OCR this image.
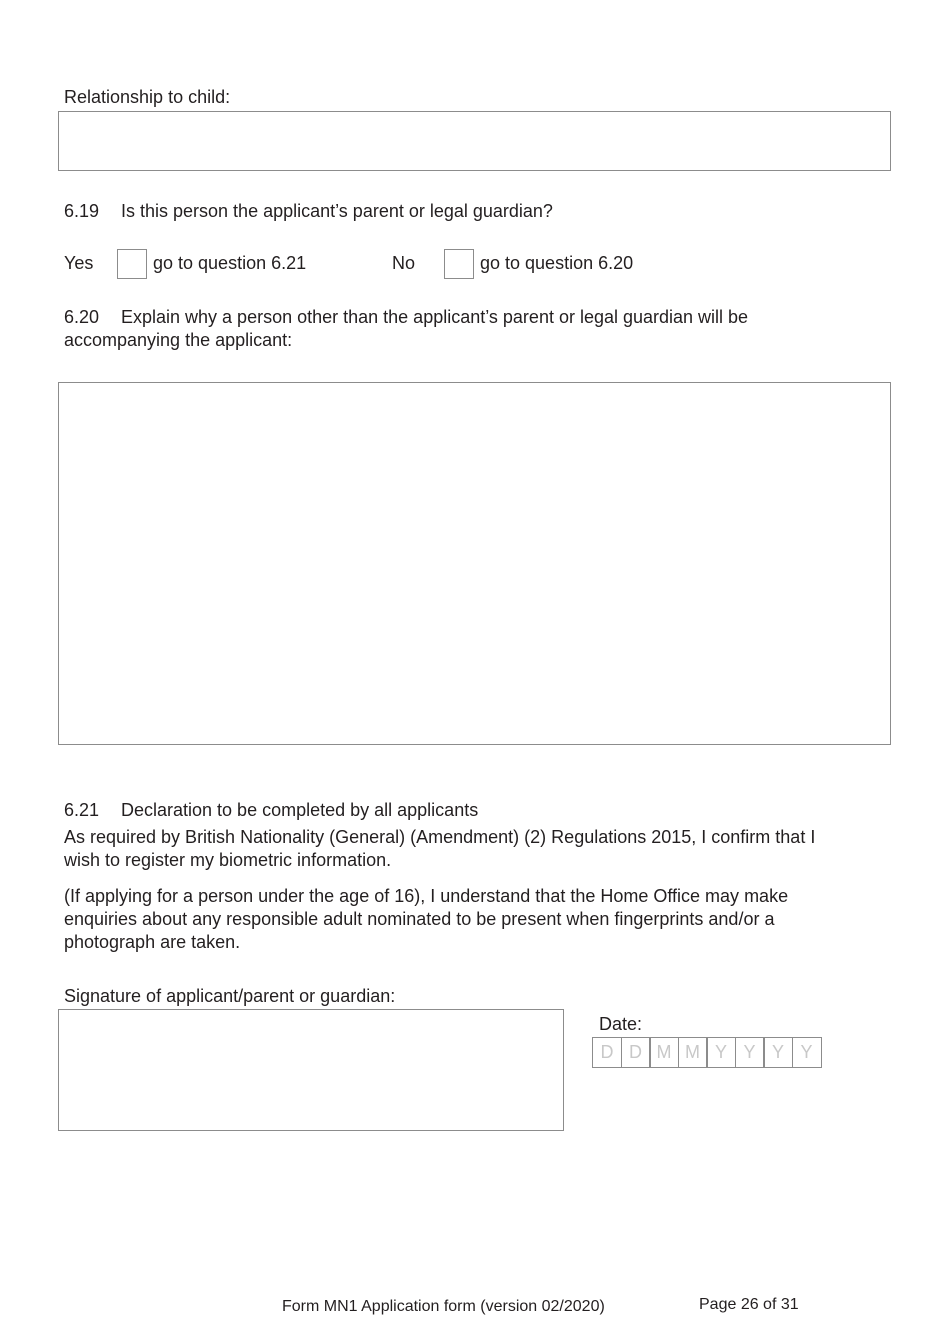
Relationship to child:
6.19 Is this person the applicant’s parent or legal guardian?
Yes	go to question 6.21	No	go to question 6.20
6.20 Explain why a person other than the applicant’s parent or legal guardian will be
accompanying the applicant:
6.21 Declaration to be completed by all applicants
As required by British Nationality (General) (Amendment) (2) Regulations 2015, I confirm that I
wish to register my biometric information.
(If applying for a person under the age of 16), I understand that the Home Office may make
enquiries about any responsible adult nominated to be present when fingerprints and/or a
photograph are taken.
Signature of applicant/parent or guardian:
Date:
D D M M Y Y Y Y
Form MN1 Application form (version 02/2020)	Page 26 of 31
